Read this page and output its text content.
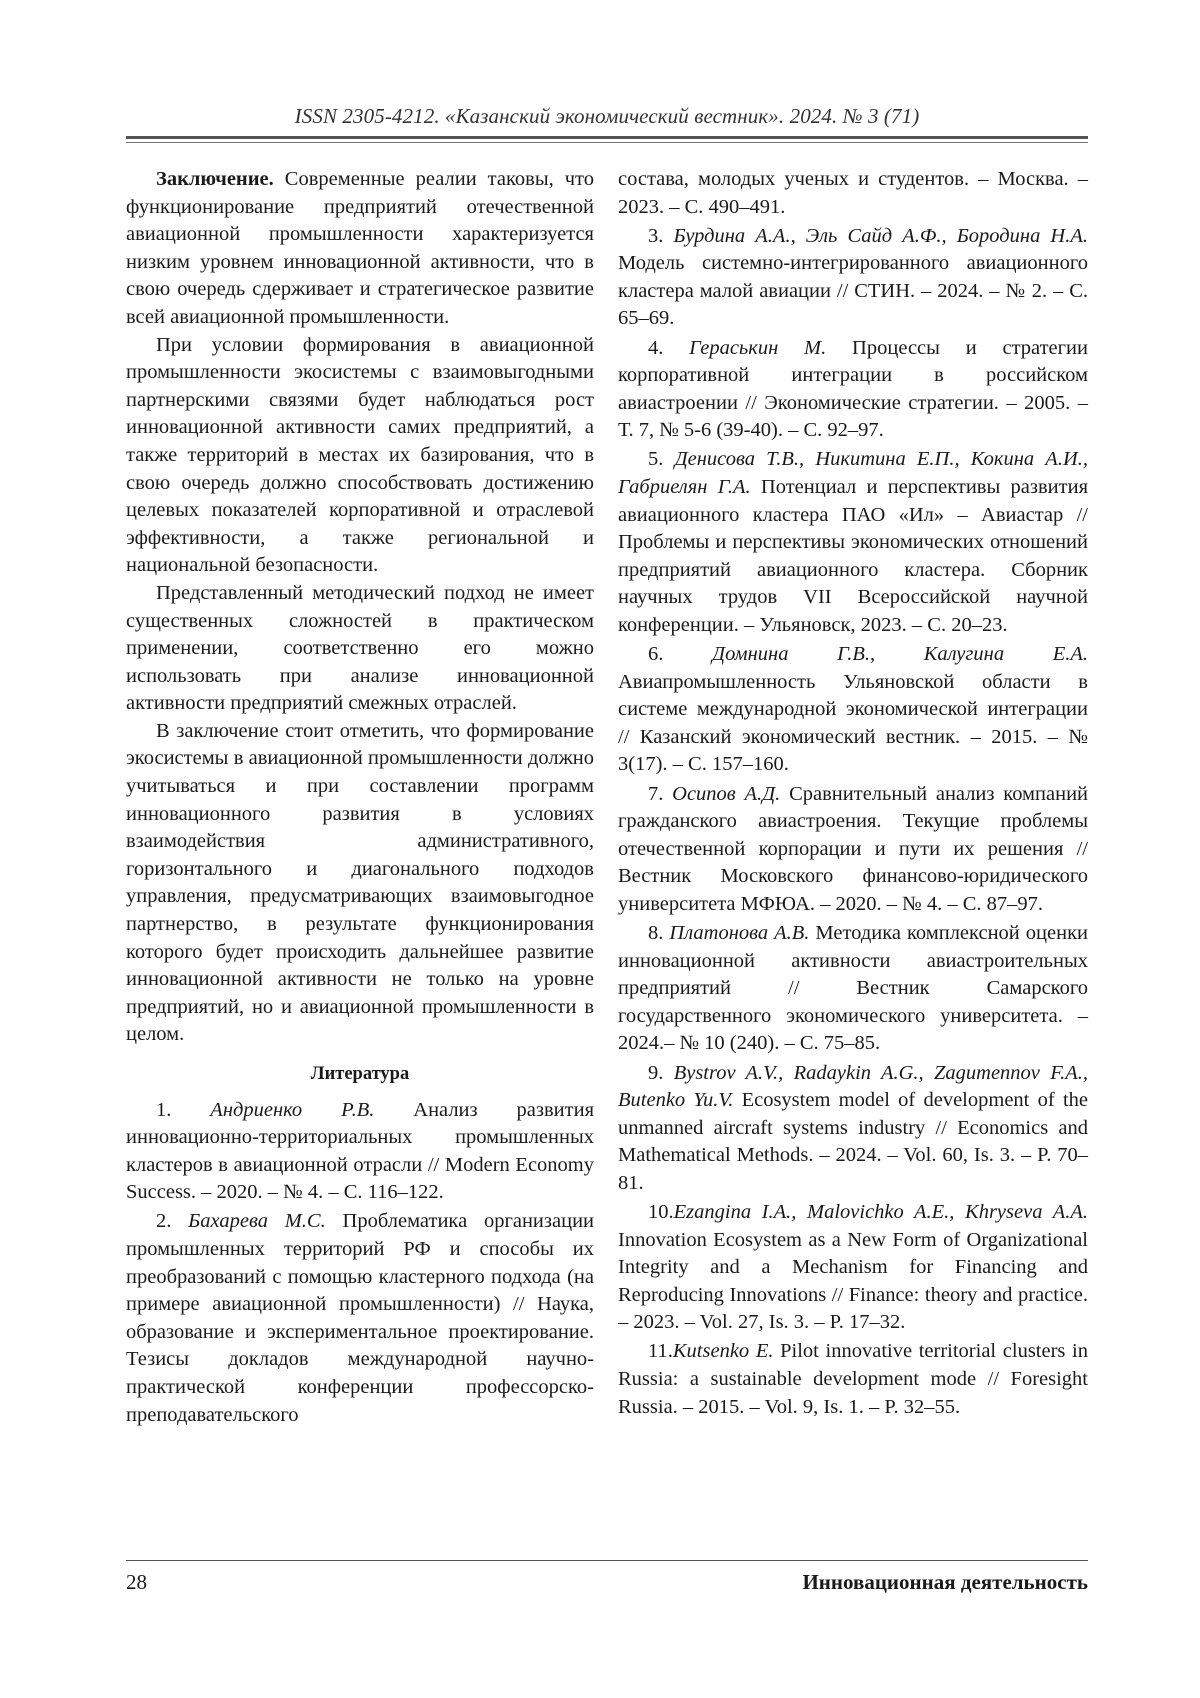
ISSN 2305-4212. «Казанский экономический вестник». 2024. № 3 (71)

Заключение. Современные реалии таковы, что функционирование предприятий отечественной авиационной промышленности характеризуется низким уровнем инновационной активности, что в свою очередь сдерживает и стратегическое развитие всей авиационной промышленности.

При условии формирования в авиационной промышленности экосистемы с взаимовыгодными партнерскими связями будет наблюдаться рост инновационной активности самих предприятий, а также территорий в местах их базирования, что в свою очередь должно способствовать достижению целевых показателей корпоративной и отраслевой эффективности, а также региональной и национальной безопасности.

Представленный методический подход не имеет существенных сложностей в практическом применении, соответственно его можно использовать при анализе инновационной активности предприятий смежных отраслей.

В заключение стоит отметить, что формирование экосистемы в авиационной промышленности должно учитываться и при составлении программ инновационного развития в условиях взаимодействия административного, горизонтального и диагонального подходов управления, предусматривающих взаимовыгодное партнерство, в результате функционирования которого будет происходить дальнейшее развитие инновационной активности не только на уровне предприятий, но и авиационной промышленности в целом.

Литература

1. Андриенко Р.В. Анализ развития инновационно-территориальных промышленных кластеров в авиационной отрасли // Modern Economy Success. – 2020. – № 4. – С. 116–122.

2. Бахарева М.С. Проблематика организации промышленных территорий РФ и способы их преобразований с помощью кластерного подхода (на примере авиационной промышленности) // Наука, образование и экспериментальное проектирование. Тезисы докладов международной научно-практической конференции профессорско-преподавательского

состава, молодых ученых и студентов. – Москва. – 2023. – С. 490–491.

3. Бурдина А.А., Эль Сайд А.Ф., Бородина Н.А. Модель системно-интегрированного авиационного кластера малой авиации // СТИН. – 2024. – № 2. – С. 65–69.

4. Гераськин М. Процессы и стратегии корпоративной интеграции в российском авиастроении // Экономические стратегии. – 2005. – Т. 7, № 5-6 (39-40). – С. 92–97.

5. Денисова Т.В., Никитина Е.П., Кокина А.И., Габриелян Г.А. Потенциал и перспективы развития авиационного кластера ПАО «Ил» – Авиастар // Проблемы и перспективы экономических отношений предприятий авиационного кластера. Сборник научных трудов VII Всероссийской научной конференции. – Ульяновск, 2023. – С. 20–23.

6. Домнина Г.В., Калугина Е.А. Авиапромышленность Ульяновской области в системе международной экономической интеграции // Казанский экономический вестник. – 2015. – № 3(17). – С. 157–160.

7. Осипов А.Д. Сравнительный анализ компаний гражданского авиастроения. Текущие проблемы отечественной корпорации и пути их решения // Вестник Московского финансово-юридического университета МФЮА. – 2020. – № 4. – С. 87–97.

8. Платонова А.В. Методика комплексной оценки инновационной активности авиастроительных предприятий // Вестник Самарского государственного экономического университета. – 2024.– № 10 (240). – С. 75–85.

9. Bystrov A.V., Radaykin A.G., Zagumennov F.A., Butenko Yu.V. Ecosystem model of development of the unmanned aircraft systems industry // Economics and Mathematical Methods. – 2024. – Vol. 60, Is. 3. – P. 70–81.

10.Ezangina I.A., Malovichko A.E., Khryseva A.A. Innovation Ecosystem as a New Form of Organizational Integrity and a Mechanism for Financing and Reproducing Innovations // Finance: theory and practice. – 2023. – Vol. 27, Is. 3. – P. 17–32.

11.Kutsenko E. Pilot innovative territorial clusters in Russia: a sustainable development mode // Foresight Russia. – 2015. – Vol. 9, Is. 1. – P. 32–55.

28	Инновационная деятельность
